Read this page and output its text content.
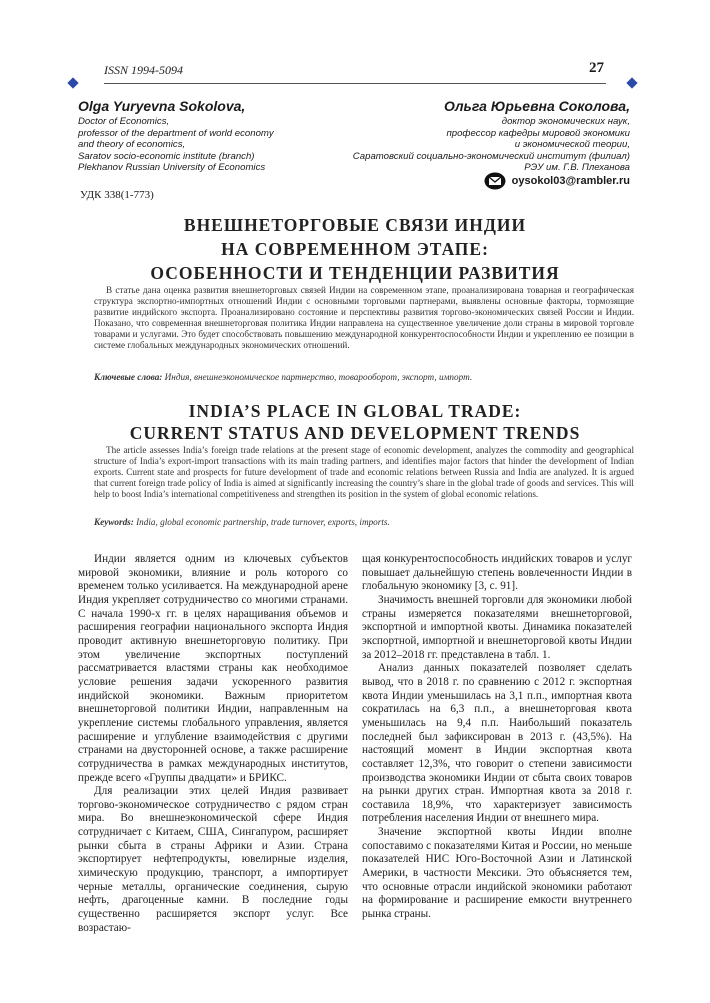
ISSN 1994-5094	27
Olga Yuryevna Sokolova,
Doctor of Economics,
professor of the department of world economy
and theory of economics,
Saratov socio-economic institute (branch)
Plekhanov Russian University of Economics
Ольга Юрьевна Соколова,
доктор экономических наук,
профессор кафедры мировой экономики
и экономической теории,
Саратовский социально-экономический институт (филиал)
РЭУ им. Г.В. Плеханова
oysokol03@rambler.ru
УДК 338(1-773)
ВНЕШНЕТОРГОВЫЕ СВЯЗИ ИНДИИ
НА СОВРЕМЕННОМ ЭТАПЕ:
ОСОБЕННОСТИ И ТЕНДЕНЦИИ РАЗВИТИЯ
В статье дана оценка развития внешнеторговых связей Индии на современном этапе, проанализирована товарная и географическая структура экспортно-импортных отношений Индии с основными торговыми партнерами, выявлены основные факторы, тормозящие развитие индийского экспорта. Проанализировано состояние и перспективы развития торгово-экономических связей России и Индии. Показано, что современная внешнеторговая политика Индии направлена на существенное увеличение доли страны в мировой торговле товарами и услугами. Это будет способствовать повышению международной конкурентоспособности Индии и укреплению ее позиции в системе глобальных международных экономических отношений.
Ключевые слова: Индия, внешнеэкономическое партнерство, товарооборот, экспорт, импорт.
INDIA’S PLACE IN GLOBAL TRADE:
CURRENT STATUS AND DEVELOPMENT TRENDS
The article assesses India’s foreign trade relations at the present stage of economic development, analyzes the commodity and geographical structure of India’s export-import transactions with its main trading partners, and identifies major factors that hinder the development of Indian exports. Current state and prospects for future development of trade and economic relations between Russia and India are analyzed. It is argued that current foreign trade policy of India is aimed at significantly increasing the country’s share in the global trade of goods and services. This will help to boost India’s international competitiveness and strengthen its position in the system of global economic relations.
Keywords: India, global economic partnership, trade turnover, exports, imports.

Индии является одним из ключевых субъектов мировой экономики, влияние и роль которого со временем только усиливается. На международной арене Индия укрепляет сотрудничество со многими странами. С начала 1990-х гг. в целях наращивания объемов и расширения географии национального экспорта Индия проводит активную внешнеторговую политику. При этом увеличение экспортных поступлений рассматривается властями страны как необходимое условие решения задачи ускоренного развития индийской экономики. Важным приоритетом внешнеторговой политики Индии, направленным на укрепление системы глобального управления, является расширение и углубление взаимодействия с другими странами на двусторонней основе, а также расширение сотрудничества в рамках международных институтов, прежде всего «Группы двадцати» и БРИКС.

Для реализации этих целей Индия развивает торгово-экономическое сотрудничество с рядом стран мира. Во внешнеэкономической сфере Индия сотрудничает с Китаем, США, Сингапуром, расширяет рынки сбыта в страны Африки и Азии. Страна экспортирует нефтепродукты, ювелирные изделия, химическую продукцию, транспорт, а импортирует черные металлы, органические соединения, сырую нефть, драгоценные камни. В последние годы существенно расширяется экспорт услуг. Все возрастаю-

щая конкурентоспособность индийских товаров и услуг повышает дальнейшую степень вовлеченности Индии в глобальную экономику [3, с. 91].

Значимость внешней торговли для экономики любой страны измеряется показателями внешнеторговой, экспортной и импортной квоты. Динамика показателей экспортной, импортной и внешнеторговой квоты Индии за 2012–2018 гг. представлена в табл. 1.

Анализ данных показателей позволяет сделать вывод, что в 2018 г. по сравнению с 2012 г. экспортная квота Индии уменьшилась на 3,1 п.п., импортная квота сократилась на 6,3 п.п., а внешнеторговая квота уменьшилась на 9,4 п.п. Наибольший показатель последней был зафиксирован в 2013 г. (43,5%). На настоящий момент в Индии экспортная квота составляет 12,3%, что говорит о степени зависимости производства экономики Индии от сбыта своих товаров на рынки других стран. Импортная квота за 2018 г. составила 18,9%, что характеризует зависимость потребления населения Индии от внешнего мира.

Значение экспортной квоты Индии вполне сопоставимо с показателями Китая и России, но меньше показателей НИС Юго-Восточной Азии и Латинской Америки, в частности Мексики. Это объясняется тем, что основные отрасли индийской экономики работают на формирование и расширение емкости внутреннего рынка страны.
